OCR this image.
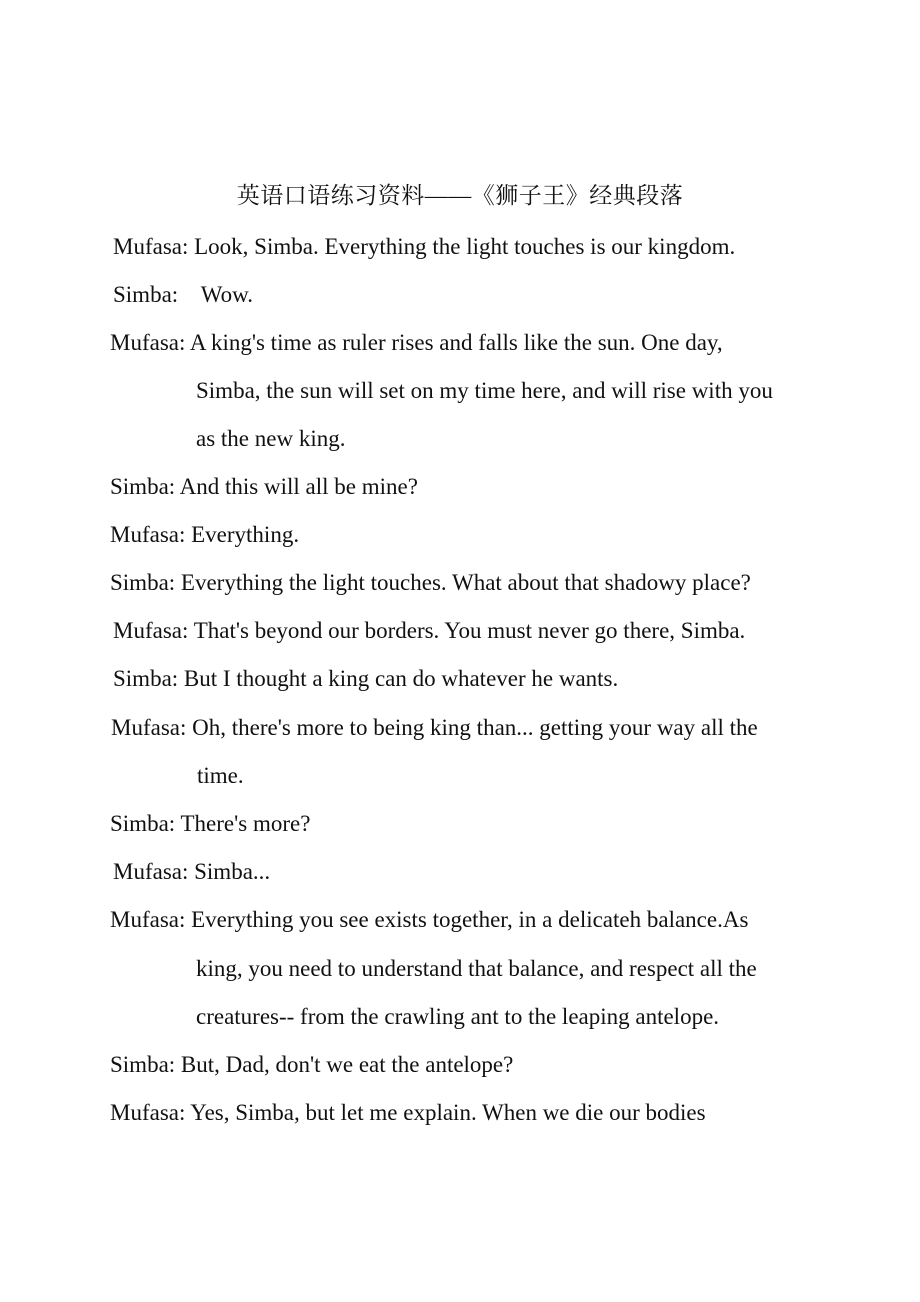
英语口语练习资料——《狮子王》经典段落
Mufasa: Look, Simba. Everything the light touches is our kingdom.
Simba:    Wow.
Mufasa: A king's time as ruler rises and falls like the sun. One day,
Simba, the sun will set on my time here, and will rise with you
as the new king.
Simba: And this will all be mine?
Mufasa: Everything.
Simba: Everything the light touches. What about that shadowy place?
Mufasa: That's beyond our borders. You must never go there, Simba.
Simba: But I thought a king can do whatever he wants.
Mufasa: Oh, there's more to being king than... getting your way all the
time.
Simba: There's more?
Mufasa: Simba...
Mufasa: Everything you see exists together, in a delicateh balance.As
king, you need to understand that balance, and respect all the
creatures-- from the crawling ant to the leaping antelope.
Simba: But, Dad, don't we eat the antelope?
Mufasa: Yes, Simba, but let me explain. When we die our bodies
